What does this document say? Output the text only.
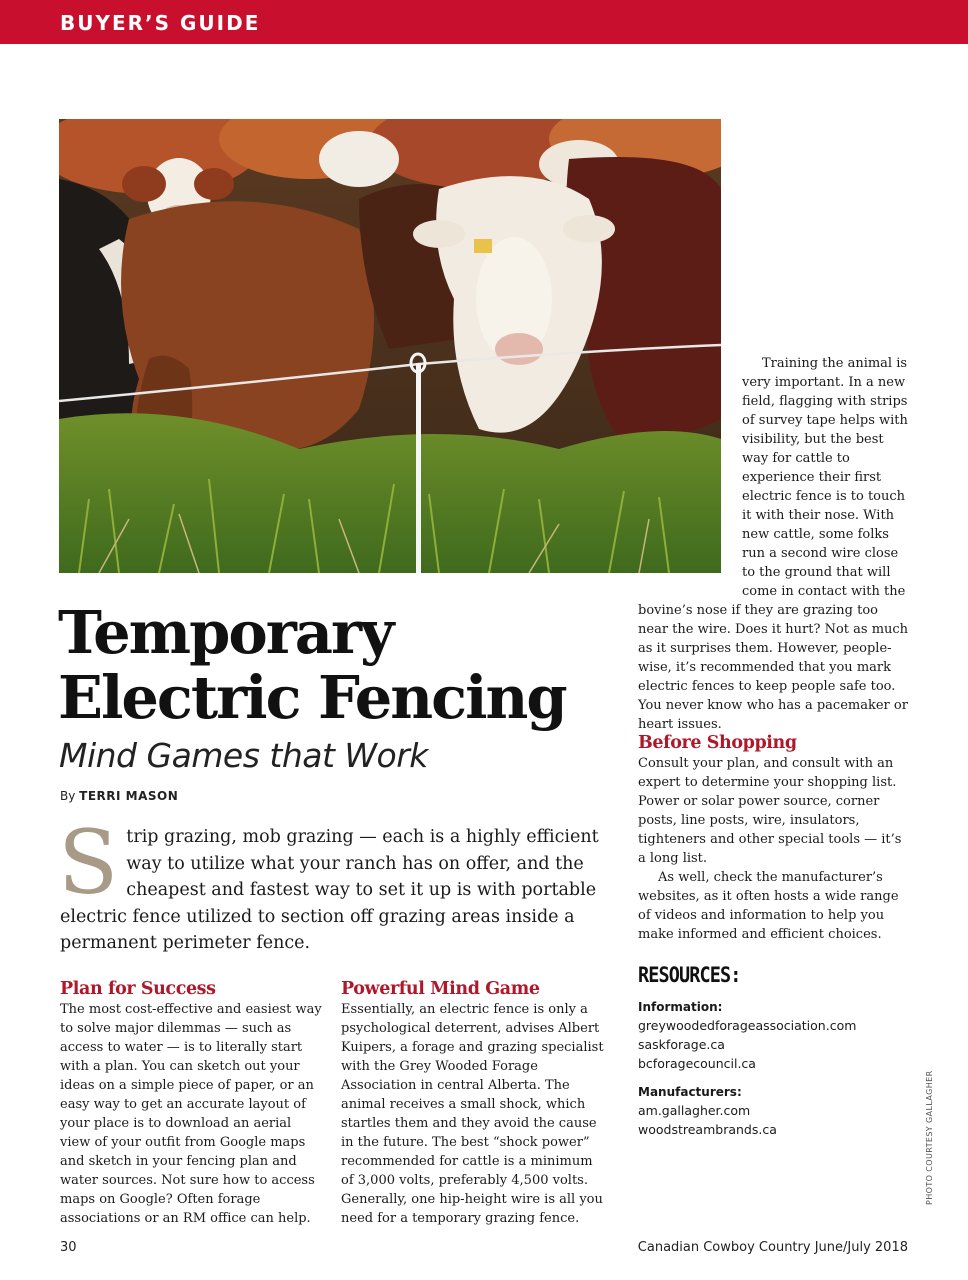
BUYER’S GUIDE

Training the animal is very important. In a new field, flagging with strips of survey tape helps with visibility, but the best way for cattle to experience their first electric fence is to touch it with their nose. With new cattle, some folks run a second wire close to the ground that will come in contact with the bovine’s nose if they are grazing too near the wire. Does it hurt? Not as much as it surprises them. However, people-wise, it’s recommended that you mark electric fences to keep people safe too. You never know who has a pacemaker or heart issues.

Temporary
Electric Fencing
Mind Games that Work
By TERRI MASON

S trip grazing, mob grazing — each is a highly efficient way to utilize what your ranch has on offer, and the cheapest and fastest way to set it up is with portable electric fence utilized to section off grazing areas inside a permanent perimeter fence.

Plan for Success

The most cost-effective and easiest way to solve major dilemmas — such as access to water — is to literally start with a plan. You can sketch out your ideas on a simple piece of paper, or an easy way to get an accurate layout of your place is to download an aerial view of your outfit from Google maps and sketch in your fencing plan and water sources. Not sure how to access maps on Google? Often forage associations or an RM office can help.

Powerful Mind Game

Essentially, an electric fence is only a psychological deterrent, advises Albert Kuipers, a forage and grazing specialist with the Grey Wooded Forage Association in central Alberta. The animal receives a small shock, which startles them and they avoid the cause in the future. The best “shock power” recommended for cattle is a minimum of 3,000 volts, preferably 4,500 volts. Generally, one hip-height wire is all you need for a temporary grazing fence.

Before Shopping

Consult your plan, and consult with an expert to determine your shopping list. Power or solar power source, corner posts, line posts, wire, insulators, tighteners and other special tools — it’s a long list.

As well, check the manufacturer’s websites, as it often hosts a wide range of videos and information to help you make informed and efficient choices.

RESOURCES:
Information:
greywoodedforageassociation.com
saskforage.ca
bcforagecouncil.ca
Manufacturers:
am.gallagher.com
woodstreambrands.ca	PHOTO COURTESY GALLAGHER
30	Canadian Cowboy Country June/July 2018
